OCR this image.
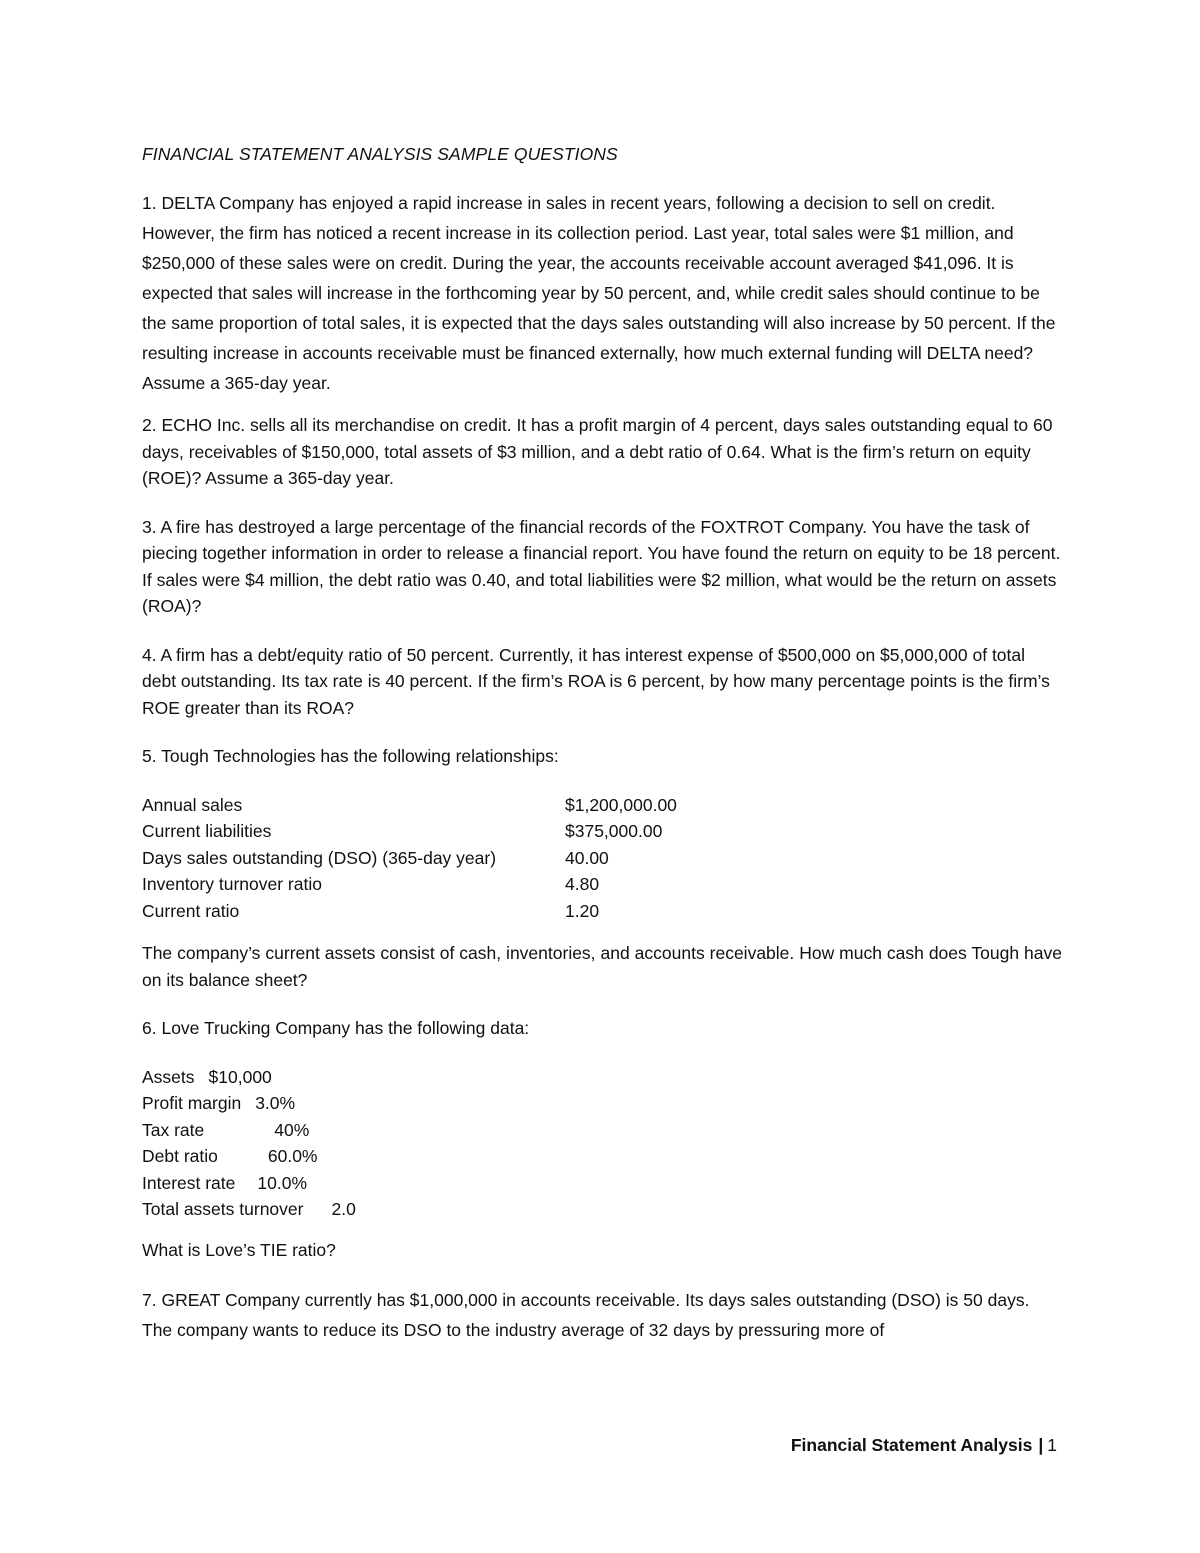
FINANCIAL STATEMENT ANALYSIS SAMPLE QUESTIONS
1. DELTA Company has enjoyed a rapid increase in sales in recent years, following a decision to sell on credit. However, the firm has noticed a recent increase in its collection period. Last year, total sales were $1 million, and $250,000 of these sales were on credit. During the year, the accounts receivable account averaged $41,096. It is expected that sales will increase in the forthcoming year by 50 percent, and, while credit sales should continue to be the same proportion of total sales, it is expected that the days sales outstanding will also increase by 50 percent. If the resulting increase in accounts receivable must be financed externally, how much external funding will DELTA need? Assume a 365-day year.
2. ECHO Inc. sells all its merchandise on credit. It has a profit margin of 4 percent, days sales outstanding equal to 60 days, receivables of $150,000, total assets of $3 million, and a debt ratio of 0.64. What is the firm’s return on equity (ROE)? Assume a 365-day year.
3. A fire has destroyed a large percentage of the financial records of the FOXTROT Company. You have the task of piecing together information in order to release a financial report. You have found the return on equity to be 18 percent. If sales were $4 million, the debt ratio was 0.40, and total liabilities were $2 million, what would be the return on assets (ROA)?
4. A firm has a debt/equity ratio of 50 percent. Currently, it has interest expense of $500,000 on $5,000,000 of total debt outstanding. Its tax rate is 40 percent. If the firm’s ROA is 6 percent, by how many percentage points is the firm’s ROE greater than its ROA?
5. Tough Technologies has the following relationships:
Annual sales	$1,200,000.00
Current liabilities	$375,000.00
Days sales outstanding (DSO) (365-day year)	40.00
Inventory turnover ratio	4.80
Current ratio	1.20
The company’s current assets consist of cash, inventories, and accounts receivable. How much cash does Tough have on its balance sheet?
6. Love Trucking Company has the following data:
Assets $10,000
Profit margin 3.0%
Tax rate	40%
Debt ratio	60.0%
Interest rate 10.0%
Total assets turnover 2.0
What is Love’s TIE ratio?
7. GREAT Company currently has $1,000,000 in accounts receivable. Its days sales outstanding (DSO) is 50 days. The company wants to reduce its DSO to the industry average of 32 days by pressuring more of
Financial Statement Analysis | 1
